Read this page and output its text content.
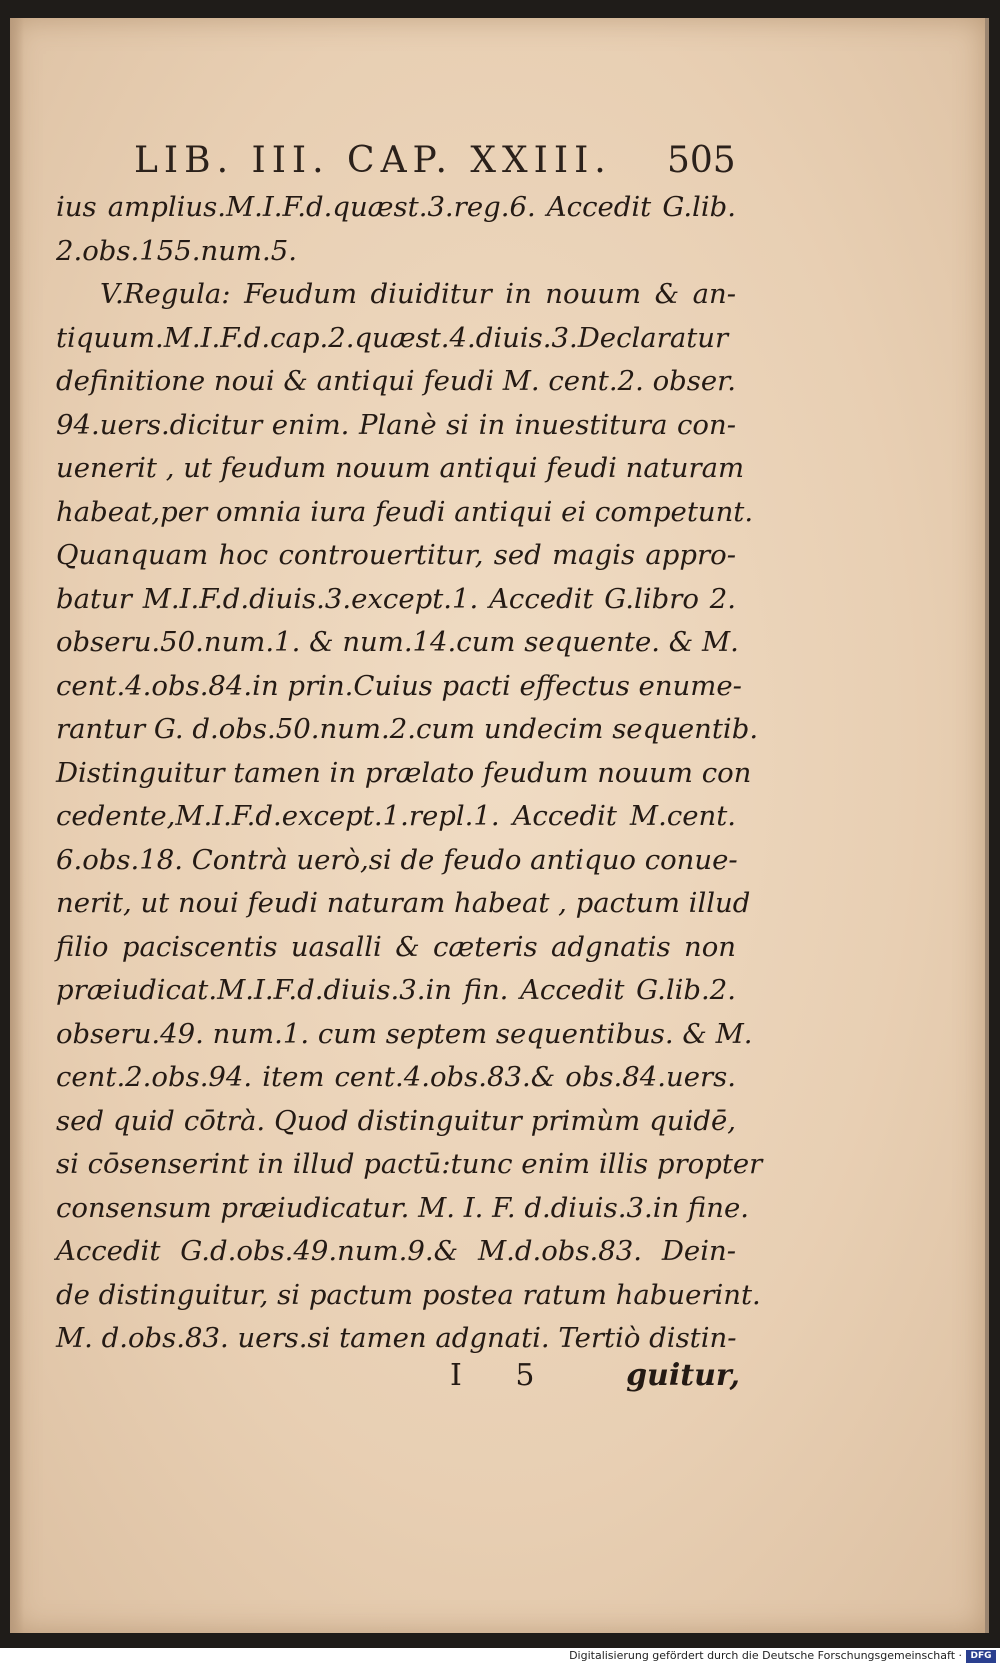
LIB. III. CAP. XXIII. 505
ius amplius.M.I.F.d.quæst.3.reg.6. Accedit G.lib.
2.obs.155.num.5.
V.Regula: Feudum diuiditur in nouum & an-
tiquum.M.I.F.d.cap.2.quæst.4.diuis.3.Declaratur
definitione noui & antiqui feudi M. cent.2. obser.
94.uers.dicitur enim. Planè si in inuestitura con-
uenerit , ut feudum nouum antiqui feudi naturam
habeat,per omnia iura feudi antiqui ei competunt.
Quanquam hoc controuertitur, sed magis appro-
batur M.I.F.d.diuis.3.except.1. Accedit G.libro 2.
obseru.50.num.1. & num.14.cum sequente. & M.
cent.4.obs.84.in prin.Cuius pacti effectus enume-
rantur G. d.obs.50.num.2.cum undecim sequentib.
Distinguitur tamen in prælato feudum nouum con
cedente,M.I.F.d.except.1.repl.1. Accedit M.cent.
6.obs.18. Contrà uerò,si de feudo antiquo conue-
nerit, ut noui feudi naturam habeat , pactum illud
filio paciscentis uasalli & cæteris adgnatis non
præiudicat.M.I.F.d.diuis.3.in fin. Accedit G.lib.2.
obseru.49. num.1. cum septem sequentibus. & M.
cent.2.obs.94. item cent.4.obs.83.& obs.84.uers.
sed quid cōtrà. Quod distinguitur primùm quidē,
si cōsenserint in illud pactū:tunc enim illis propter
consensum præiudicatur. M. I. F. d.diuis.3.in fine.
Accedit G.d.obs.49.num.9.& M.d.obs.83. Dein-
de distinguitur, si pactum postea ratum habuerint.
M. d.obs.83. uers.si tamen adgnati. Tertiò distin-
I 5 guitur,
Digitalisierung gefördert durch die Deutsche Forschungsgemeinschaft · DFG
